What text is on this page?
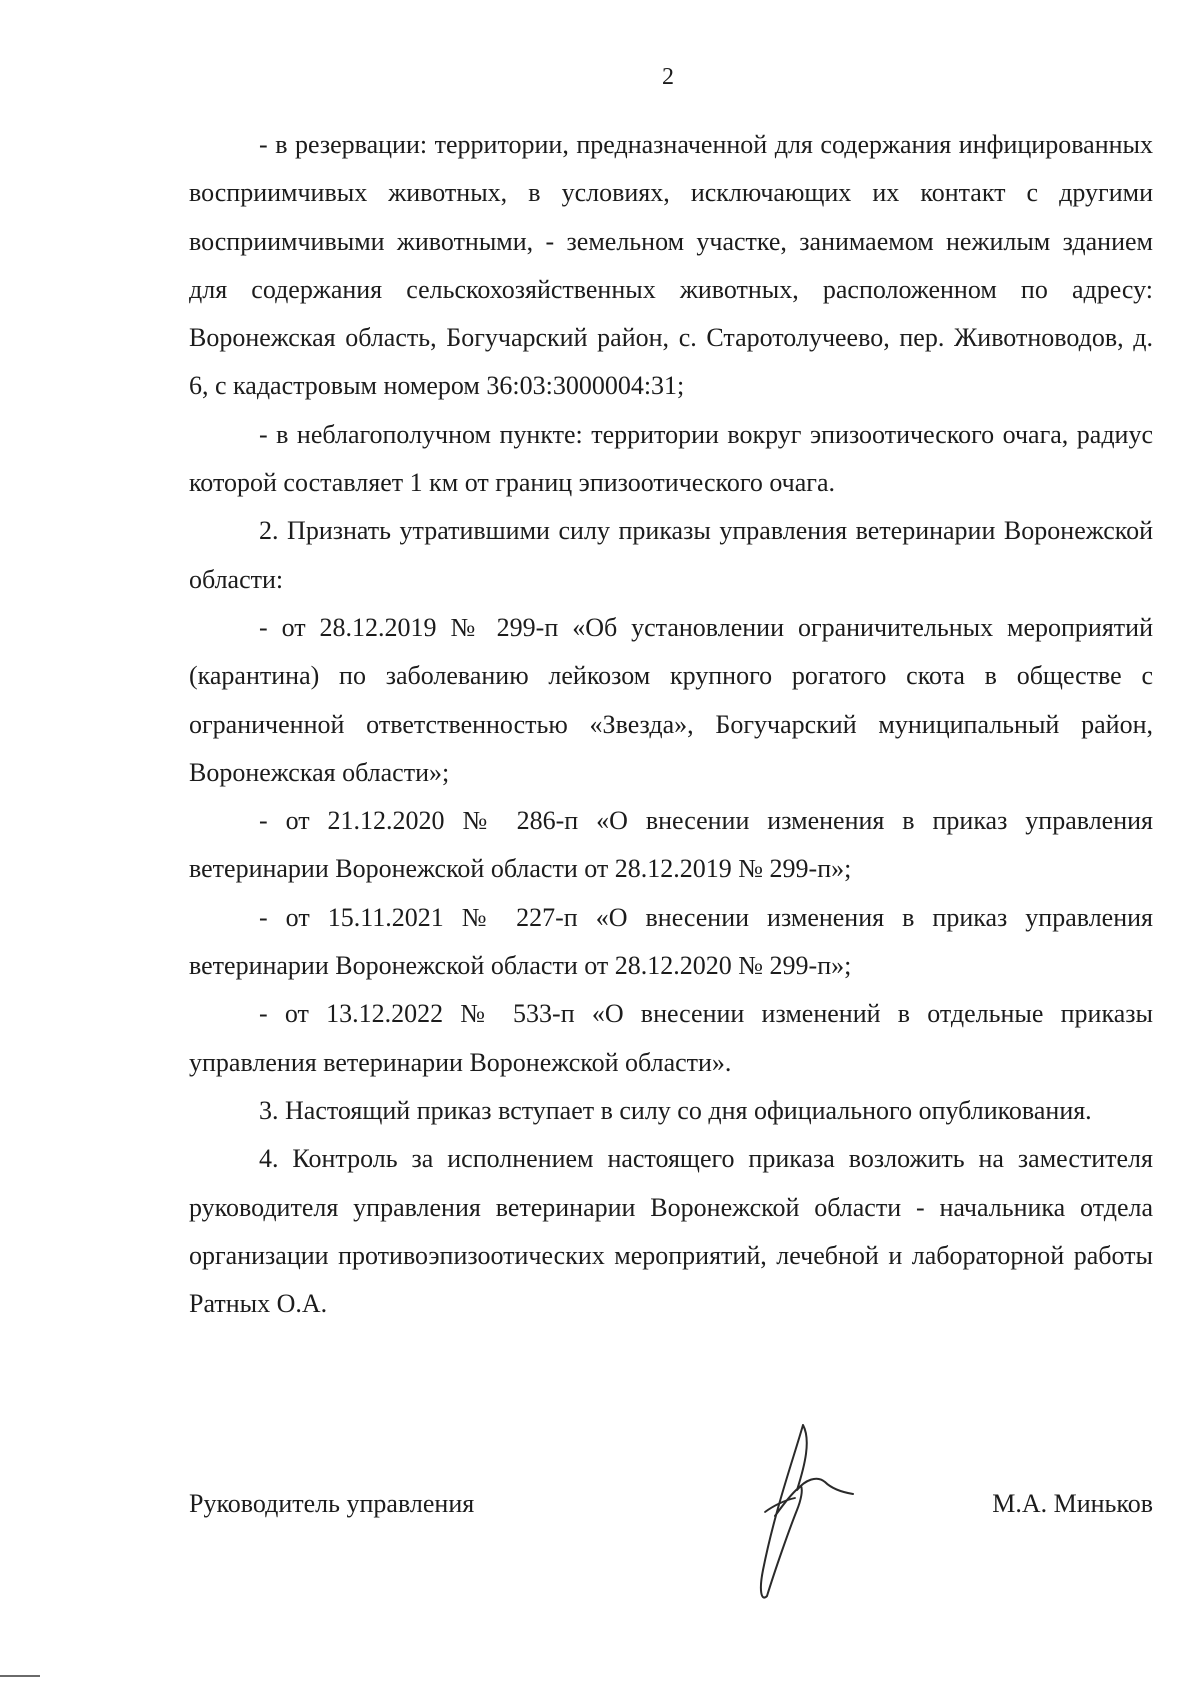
2

- в резервации: территории, предназначенной для содержания инфицированных восприимчивых животных, в условиях, исключающих их контакт с другими восприимчивыми животными, - земельном участке, занимаемом нежилым зданием для содержания сельскохозяйственных животных, расположенном по адресу: Воронежская область, Богучарский район, с. Старотолучеево, пер. Животноводов, д. 6, с кадастровым номером 36:03:3000004:31;

- в неблагополучном пункте: территории вокруг эпизоотического очага, радиус которой составляет 1 км от границ эпизоотического очага.

2. Признать утратившими силу приказы управления ветеринарии Воронежской области:

- от 28.12.2019 № 299-п «Об установлении ограничительных мероприятий (карантина) по заболеванию лейкозом крупного рогатого скота в обществе с ограниченной ответственностью «Звезда», Богучарский муниципальный район, Воронежская области»;

- от 21.12.2020 № 286-п «О внесении изменения в приказ управления ветеринарии Воронежской области от 28.12.2019 № 299-п»;

- от 15.11.2021 № 227-п «О внесении изменения в приказ управления ветеринарии Воронежской области от 28.12.2020 № 299-п»;

- от 13.12.2022 № 533-п «О внесении изменений в отдельные приказы управления ветеринарии Воронежской области».

3. Настоящий приказ вступает в силу со дня официального опубликования.

4. Контроль за исполнением настоящего приказа возложить на заместителя руководителя управления ветеринарии Воронежской области - начальника отдела организации противоэпизоотических мероприятий, лечебной и лабораторной работы Ратных О.А.

Руководитель управления	М.А. Миньков
